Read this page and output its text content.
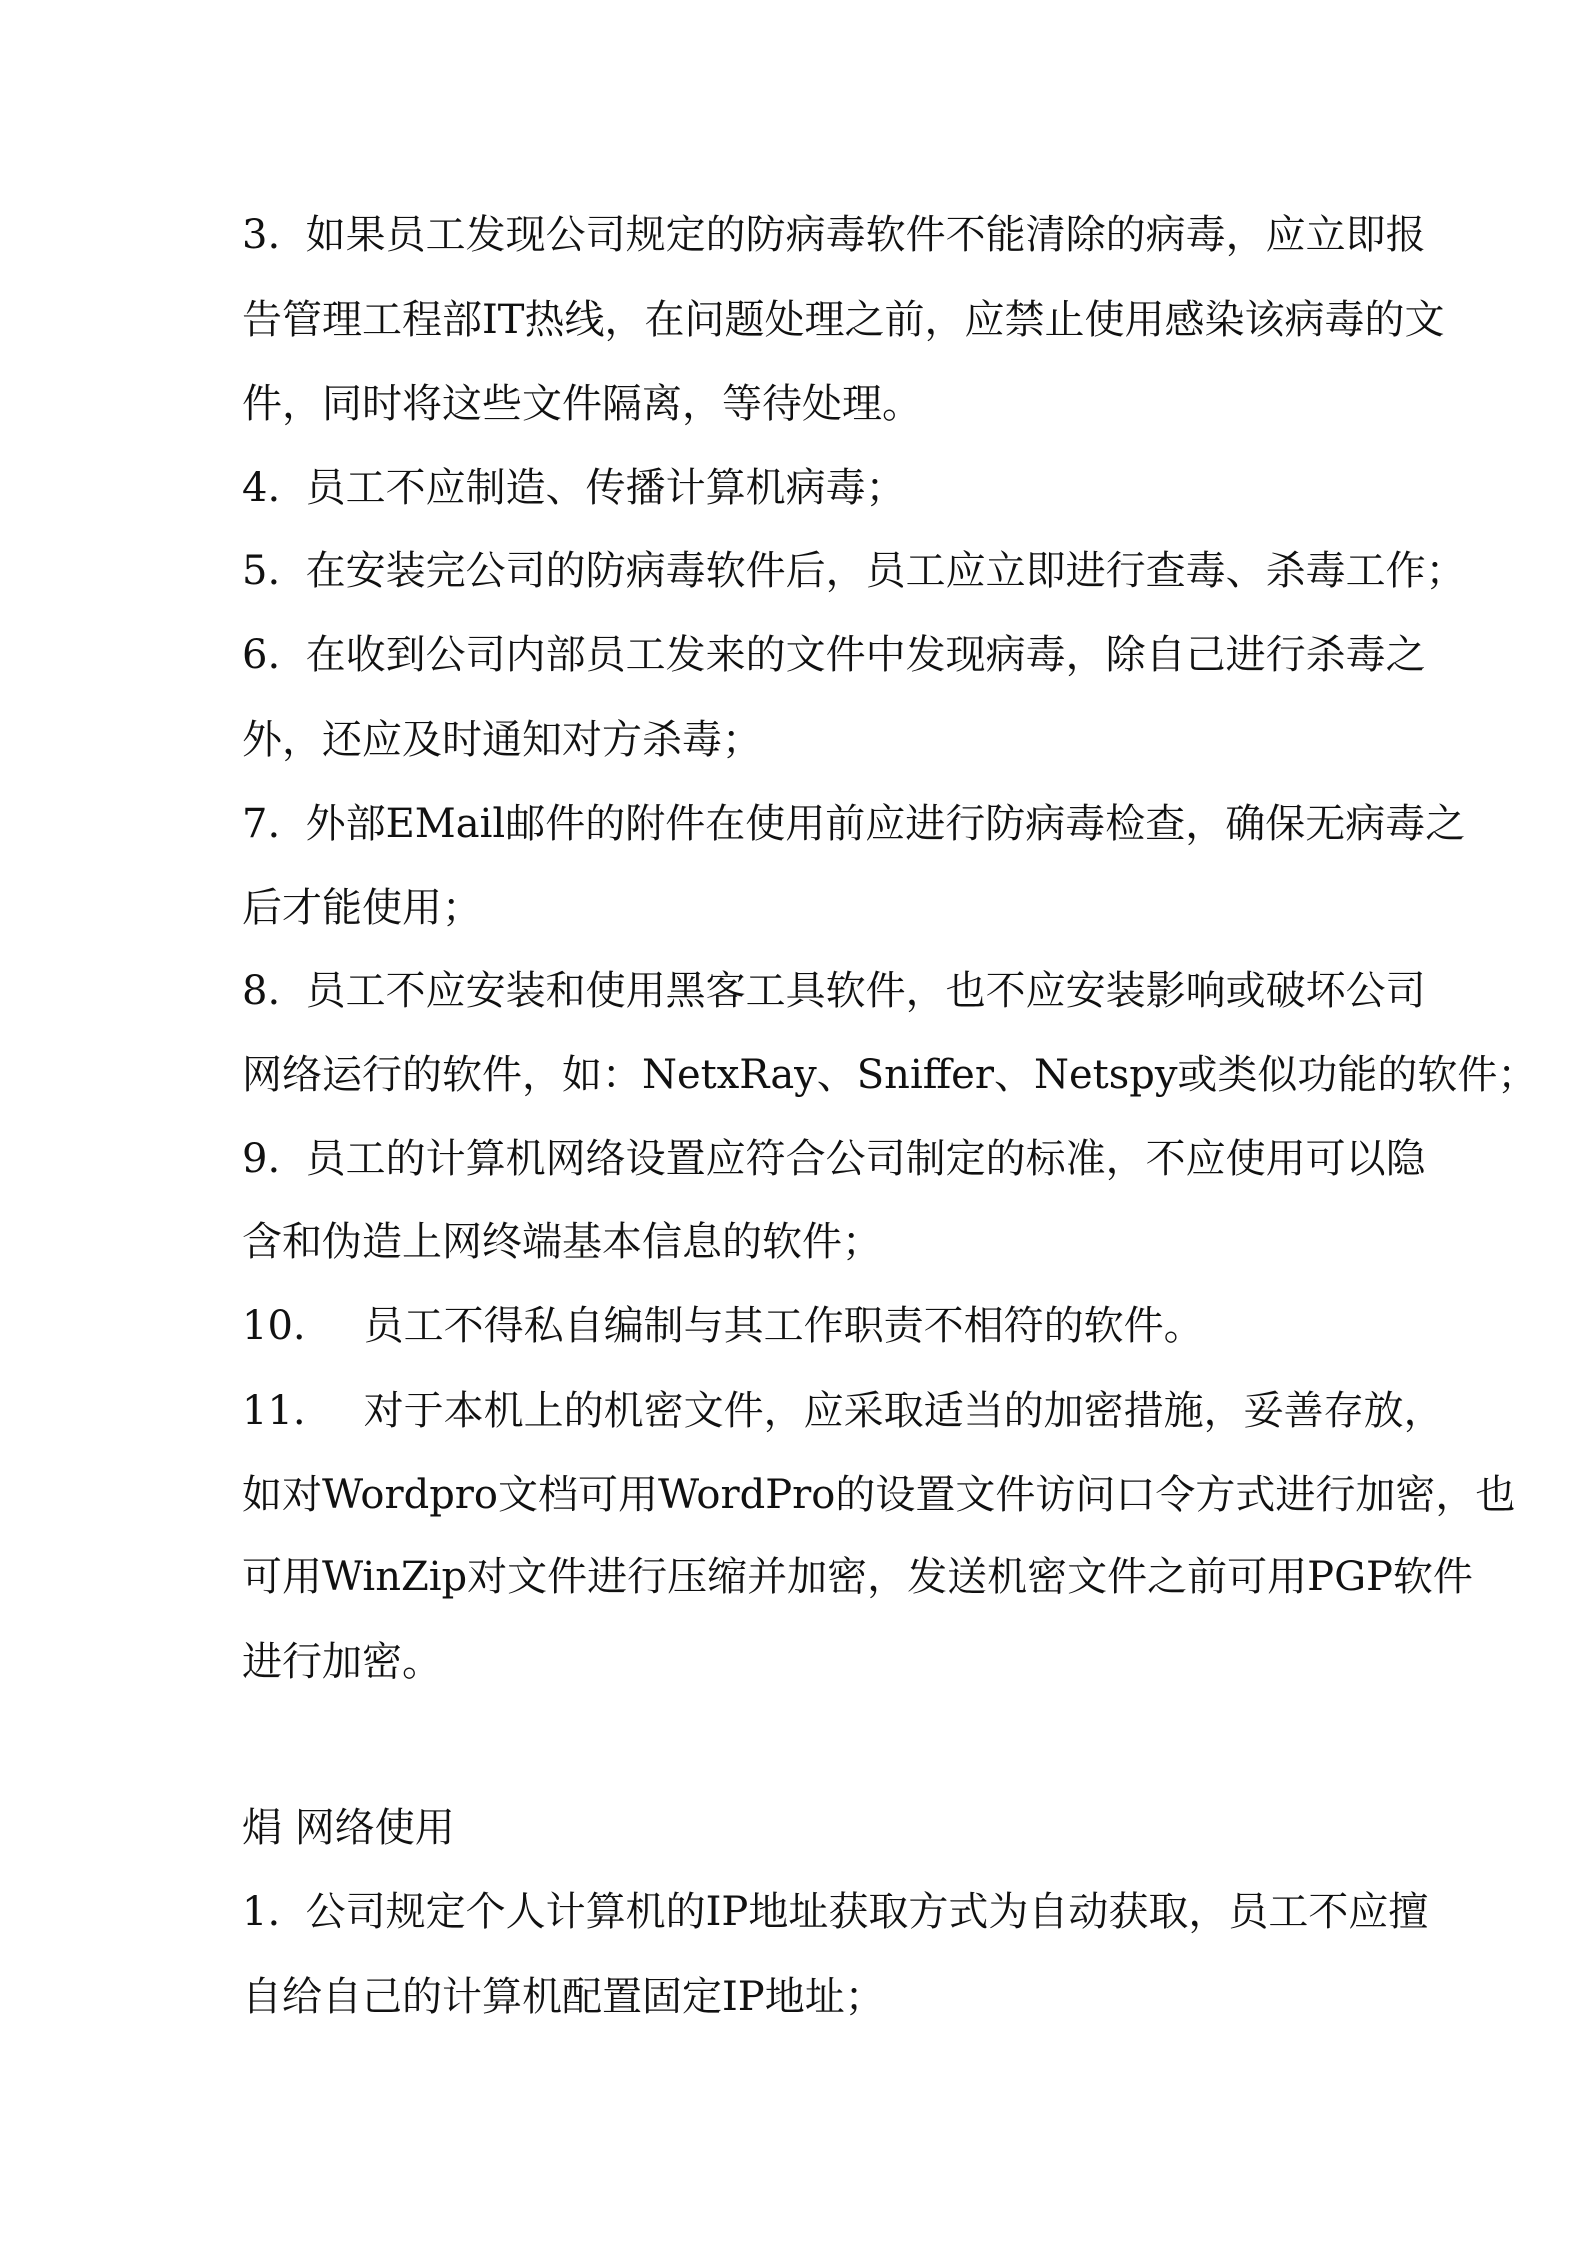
3. 如果员工发现公司规定的防病毒软件不能清除的病毒，应立即报
告管理工程部IT热线，在问题处理之前，应禁止使用感染该病毒的文
件，同时将这些文件隔离，等待处理。
4. 员工不应制造、传播计算机病毒；
5. 在安装完公司的防病毒软件后，员工应立即进行查毒、杀毒工作；
6. 在收到公司内部员工发来的文件中发现病毒，除自己进行杀毒之
外，还应及时通知对方杀毒；
7. 外部EMail邮件的附件在使用前应进行防病毒检查，确保无病毒之
后才能使用；
8. 员工不应安装和使用黑客工具软件，也不应安装影响或破坏公司
网络运行的软件，如：NetxRay、Sniffer、Netspy或类似功能的软件；
9. 员工的计算机网络设置应符合公司制定的标准，不应使用可以隐
含和伪造上网终端基本信息的软件；
10. 员工不得私自编制与其工作职责不相符的软件。
11. 对于本机上的机密文件，应采取适当的加密措施，妥善存放，
如对Wordpro文档可用WordPro的设置文件访问口令方式进行加密，也
可用WinZip对文件进行压缩并加密，发送机密文件之前可用PGP软件
进行加密。
焆 网络使用
1. 公司规定个人计算机的IP地址获取方式为自动获取，员工不应擅
自给自己的计算机配置固定IP地址；
